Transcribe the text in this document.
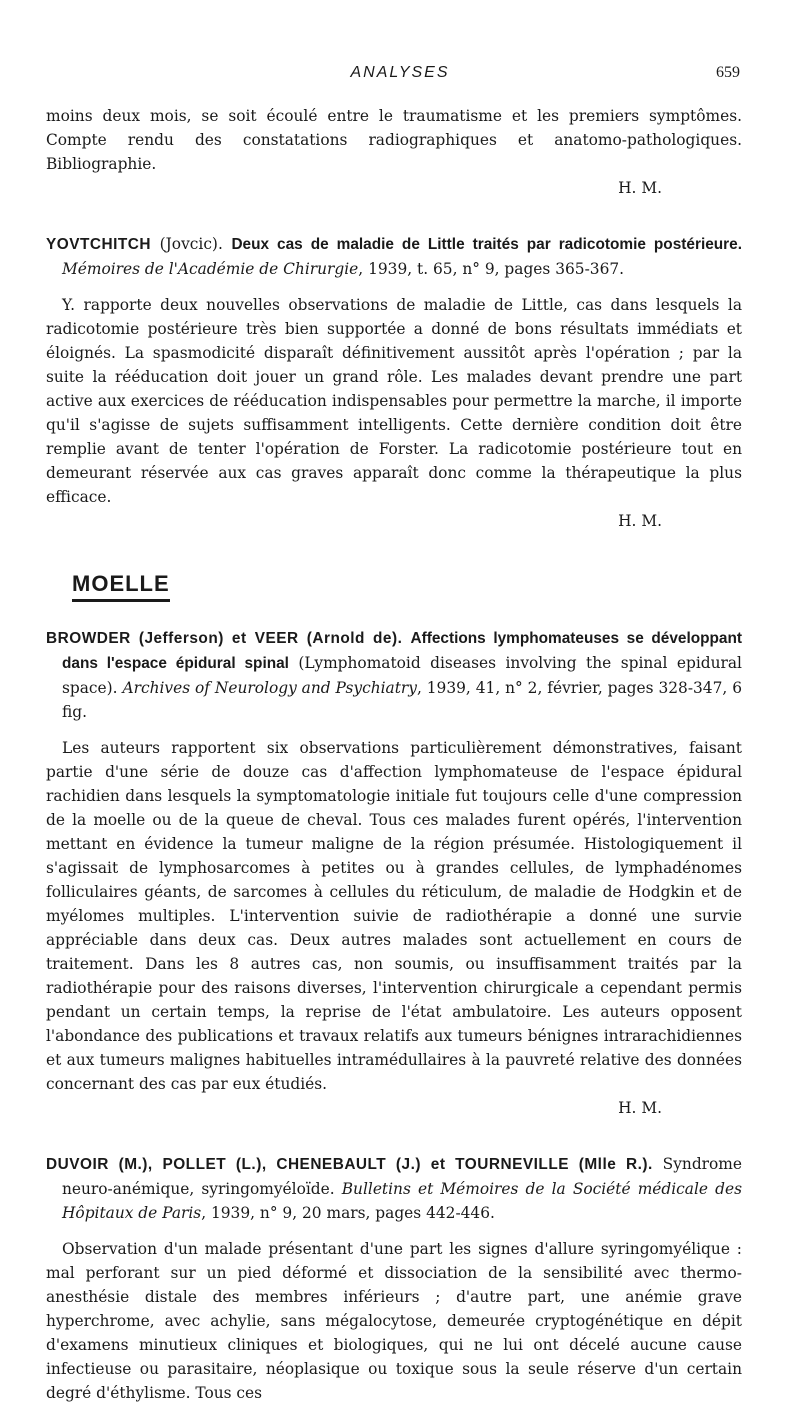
ANALYSES	659

moins deux mois, se soit écoulé entre le traumatisme et les premiers symptômes. Compte rendu des constatations radiographiques et anatomo-pathologiques. Bibliographie.

H. M.

YOVTCHITCH (Jovcic). Deux cas de maladie de Little traités par radicotomie postérieure. Mémoires de l'Académie de Chirurgie, 1939, t. 65, n° 9, pages 365-367.

Y. rapporte deux nouvelles observations de maladie de Little, cas dans lesquels la radicotomie postérieure très bien supportée a donné de bons résultats immédiats et éloignés. La spasmodicité disparaît définitivement aussitôt après l'opération ; par la suite la rééducation doit jouer un grand rôle. Les malades devant prendre une part active aux exercices de rééducation indispensables pour permettre la marche, il importe qu'il s'agisse de sujets suffisamment intelligents. Cette dernière condition doit être remplie avant de tenter l'opération de Forster. La radicotomie postérieure tout en demeurant réservée aux cas graves apparaît donc comme la thérapeutique la plus efficace.

H. M.
MOELLE

BROWDER (Jefferson) et VEER (Arnold de). Affections lymphomateuses se développant dans l'espace épidural spinal (Lymphomatoid diseases involving the spinal epidural space). Archives of Neurology and Psychiatry, 1939, 41, n° 2, février, pages 328-347, 6 fig.

Les auteurs rapportent six observations particulièrement démonstratives, faisant partie d'une série de douze cas d'affection lymphomateuse de l'espace épidural rachidien dans lesquels la symptomatologie initiale fut toujours celle d'une compression de la moelle ou de la queue de cheval. Tous ces malades furent opérés, l'intervention mettant en évidence la tumeur maligne de la région présumée. Histologiquement il s'agissait de lymphosarcomes à petites ou à grandes cellules, de lymphadénomes folliculaires géants, de sarcomes à cellules du réticulum, de maladie de Hodgkin et de myélomes multiples. L'intervention suivie de radiothérapie a donné une survie appréciable dans deux cas. Deux autres malades sont actuellement en cours de traitement. Dans les 8 autres cas, non soumis, ou insuffisamment traités par la radiothérapie pour des raisons diverses, l'intervention chirurgicale a cependant permis pendant un certain temps, la reprise de l'état ambulatoire. Les auteurs opposent l'abondance des publications et travaux relatifs aux tumeurs bénignes intrarachidiennes et aux tumeurs malignes habituelles intramédullaires à la pauvreté relative des données concernant des cas par eux étudiés.

H. M.

DUVOIR (M.), POLLET (L.), CHENEBAULT (J.) et TOURNEVILLE (Mlle R.). Syndrome neuro-anémique, syringomyéloïde. Bulletins et Mémoires de la Société médicale des Hôpitaux de Paris, 1939, n° 9, 20 mars, pages 442-446.

Observation d'un malade présentant d'une part les signes d'allure syringomyélique : mal perforant sur un pied déformé et dissociation de la sensibilité avec thermo-anesthésie distale des membres inférieurs ; d'autre part, une anémie grave hyperchrome, avec achylie, sans mégalocytose, demeurée cryptogénétique en dépit d'examens minutieux cliniques et biologiques, qui ne lui ont décelé aucune cause infectieuse ou parasitaire, néoplasique ou toxique sous la seule réserve d'un certain degré d'éthylisme. Tous ces
